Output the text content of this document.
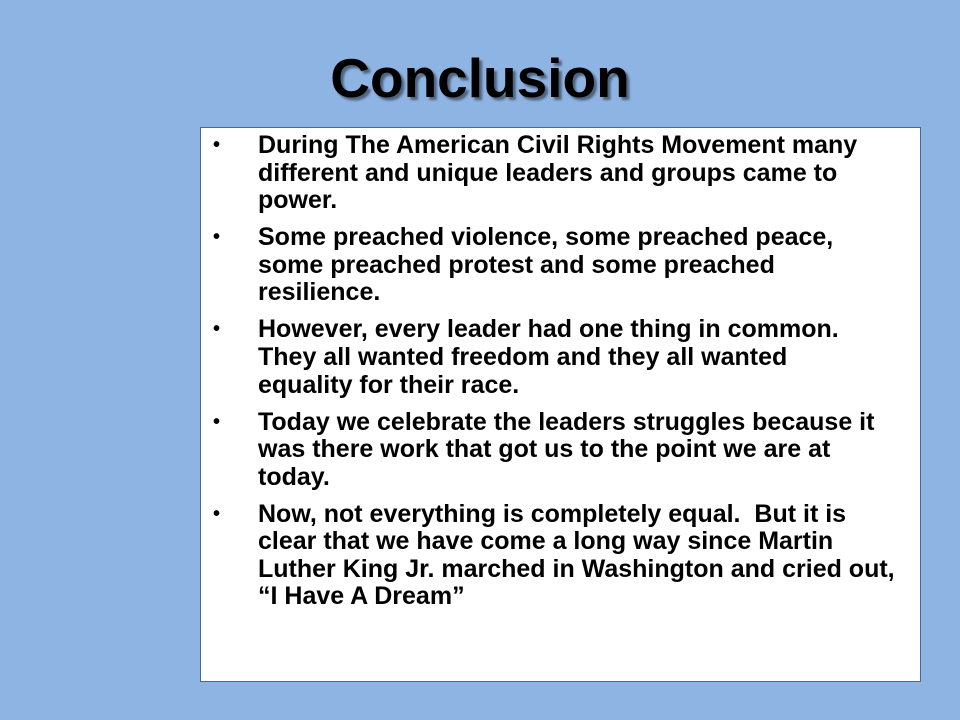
Conclusion
• During The American Civil Rights Movement many
different and unique leaders and groups came to
power.
• Some preached violence, some preached peace,
some preached protest and some preached
resilience.
• However, every leader had one thing in common.
They all wanted freedom and they all wanted
equality for their race.
• Today we celebrate the leaders struggles because it
was there work that got us to the point we are at
today.
• Now, not everything is completely equal.  But it is
clear that we have come a long way since Martin
Luther King Jr. marched in Washington and cried out,
“I Have A Dream”
